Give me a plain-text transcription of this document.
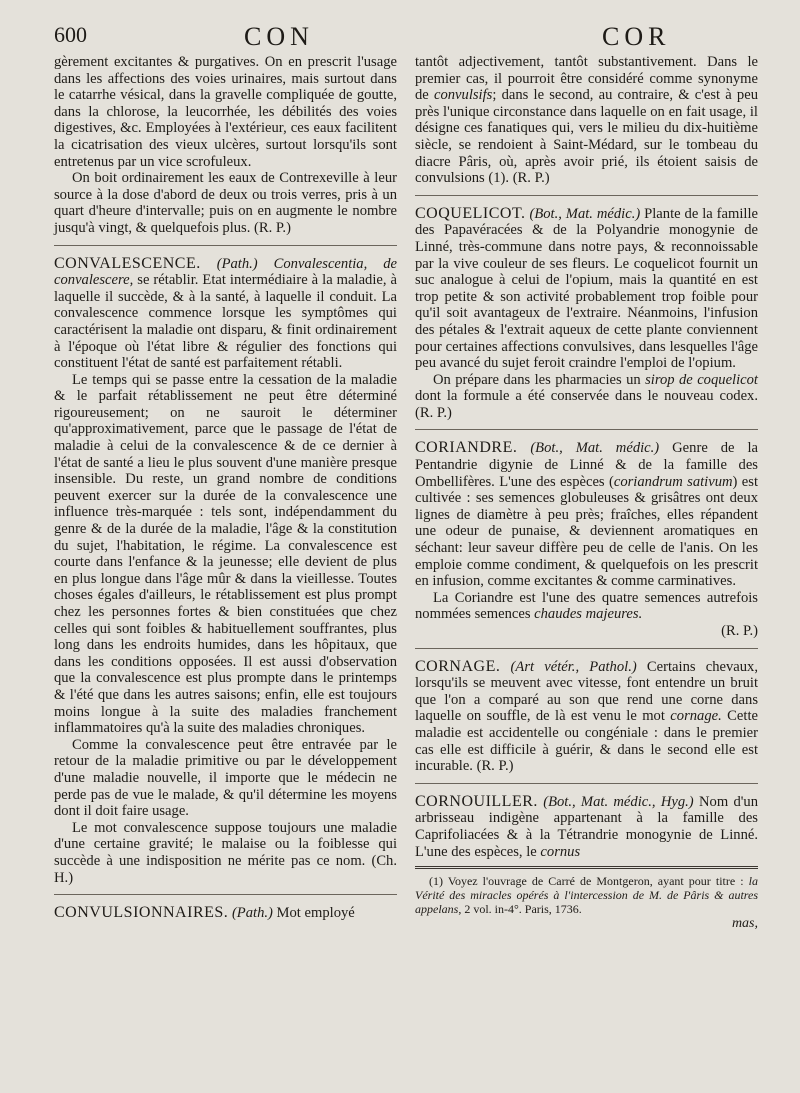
600	CON	COR

gèrement excitantes & purgatives. On en prescrit l'usage dans les affections des voies urinaires, mais surtout dans le catarrhe vésical, dans la gravelle compliquée de goutte, dans la chlorose, la leucorrhée, les débilités des voies digestives, &c. Employées à l'extérieur, ces eaux facilitent la cicatrisation des vieux ulcères, surtout lorsqu'ils sont entretenus par un vice scrofuleux.

On boit ordinairement les eaux de Contrexeville à leur source à la dose d'abord de deux ou trois verres, pris à un quart d'heure d'intervalle; puis on en augmente le nombre jusqu'à vingt, & quelquefois plus. (R. P.)

CONVALESCENCE. (Path.) Convalescentia, de convalescere, se rétablir. Etat intermédiaire à la maladie, à laquelle il succède, & à la santé, à laquelle il conduit. La convalescence commence lorsque les symptômes qui caractérisent la maladie ont disparu, & finit ordinairement à l'époque où l'état libre & régulier des fonctions qui constituent l'état de santé est parfaitement rétabli.

Le temps qui se passe entre la cessation de la maladie & le parfait rétablissement ne peut être déterminé rigoureusement; on ne sauroit le déterminer qu'approximativement, parce que le passage de l'état de maladie à celui de la convalescence & de ce dernier à l'état de santé a lieu le plus souvent d'une manière presque insensible. Du reste, un grand nombre de conditions peuvent exercer sur la durée de la convalescence une influence très-marquée : tels sont, indépendamment du genre & de la durée de la maladie, l'âge & la constitution du sujet, l'habitation, le régime. La convalescence est courte dans l'enfance & la jeunesse; elle devient de plus en plus longue dans l'âge mûr & dans la vieillesse. Toutes choses égales d'ailleurs, le rétablissement est plus prompt chez les personnes fortes & bien constituées que chez celles qui sont foibles & habituellement souffrantes, plus long dans les endroits humides, dans les hôpitaux, que dans les conditions opposées. Il est aussi d'observation que la convalescence est plus prompte dans le printemps & l'été que dans les autres saisons; enfin, elle est toujours moins longue à la suite des maladies franchement inflammatoires qu'à la suite des maladies chroniques.

Comme la convalescence peut être entravée par le retour de la maladie primitive ou par le développement d'une maladie nouvelle, il importe que le médecin ne perde pas de vue le malade, & qu'il détermine les moyens dont il doit faire usage.

Le mot convalescence suppose toujours une maladie d'une certaine gravité; le malaise ou la foiblesse qui succède à une indisposition ne mérite pas ce nom. (Ch. H.)

CONVULSIONNAIRES. (Path.) Mot employé

tantôt adjectivement, tantôt substantivement. Dans le premier cas, il pourroit être considéré comme synonyme de convulsifs; dans le second, au contraire, & c'est à peu près l'unique circonstance dans laquelle on en fait usage, il désigne ces fanatiques qui, vers le milieu du dix-huitième siècle, se rendoient à Saint-Médard, sur le tombeau du diacre Pâris, où, après avoir prié, ils étoient saisis de convulsions (1). (R. P.)

COQUELICOT. (Bot., Mat. médic.) Plante de la famille des Papavéracées & de la Polyandrie monogynie de Linné, très-commune dans notre pays, & reconnoissable par la vive couleur de ses fleurs. Le coquelicot fournit un suc analogue à celui de l'opium, mais la quantité en est trop petite & son activité probablement trop foible pour qu'il soit avantageux de l'extraire. Néanmoins, l'infusion des pétales & l'extrait aqueux de cette plante conviennent pour certaines affections convulsives, dans lesquelles l'âge peu avancé du sujet feroit craindre l'emploi de l'opium.

On prépare dans les pharmacies un sirop de coquelicot dont la formule a été conservée dans le nouveau codex. (R. P.)

CORIANDRE. (Bot., Mat. médic.) Genre de la Pentandrie digynie de Linné & de la famille des Ombellifères. L'une des espèces (coriandrum sativum) est cultivée : ses semences globuleuses & grisâtres ont deux lignes de diamètre à peu près; fraîches, elles répandent une odeur de punaise, & deviennent aromatiques en séchant: leur saveur diffère peu de celle de l'anis. On les emploie comme condiment, & quelquefois on les prescrit en infusion, comme excitantes & comme carminatives.

La Coriandre est l'une des quatre semences autrefois nommées semences chaudes majeures.

(R. P.)

CORNAGE. (Art vétér., Pathol.) Certains chevaux, lorsqu'ils se meuvent avec vitesse, font entendre un bruit que l'on a comparé au son que rend une corne dans laquelle on souffle, de là est venu le mot cornage. Cette maladie est accidentelle ou congéniale : dans le premier cas elle est difficile à guérir, & dans le second elle est incurable. (R. P.)

CORNOUILLER. (Bot., Mat. médic., Hyg.) Nom d'un arbrisseau indigène appartenant à la famille des Caprifoliacées & à la Tétrandrie monogynie de Linné. L'une des espèces, le cornus

(1) Voyez l'ouvrage de Carré de Montgeron, ayant pour titre : la Vérité des miracles opérés à l'intercession de M. de Pâris & autres appelans, 2 vol. in-4°. Paris, 1736.

mas,
